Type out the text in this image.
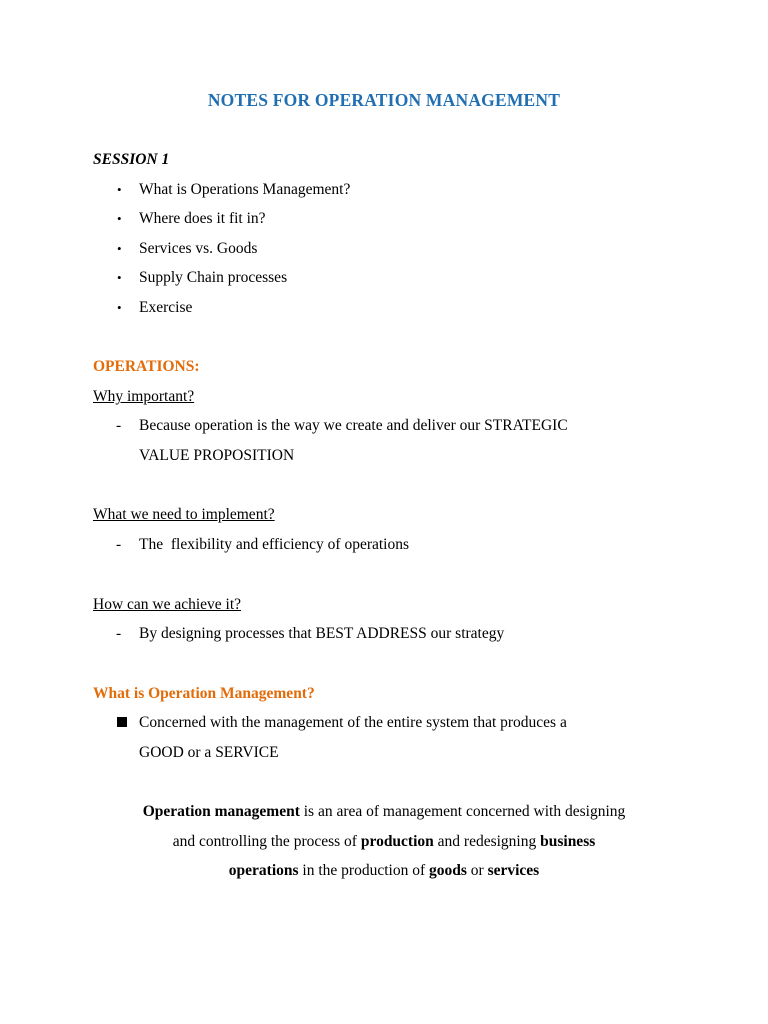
NOTES FOR OPERATION MANAGEMENT
SESSION 1
• What is Operations Management?
• Where does it fit in?
• Services vs. Goods
• Supply Chain processes
• Exercise
OPERATIONS:
Why important?
- Because operation is the way we create and deliver our STRATEGIC
VALUE PROPOSITION
What we need to implement?
- The  flexibility and efficiency of operations
How can we achieve it?
- By designing processes that BEST ADDRESS our strategy
What is Operation Management?
Concerned with the management of the entire system that produces a
GOOD or a SERVICE
Operation management is an area of management concerned with designing
and controlling the process of production and redesigning business
operations in the production of goods or services
